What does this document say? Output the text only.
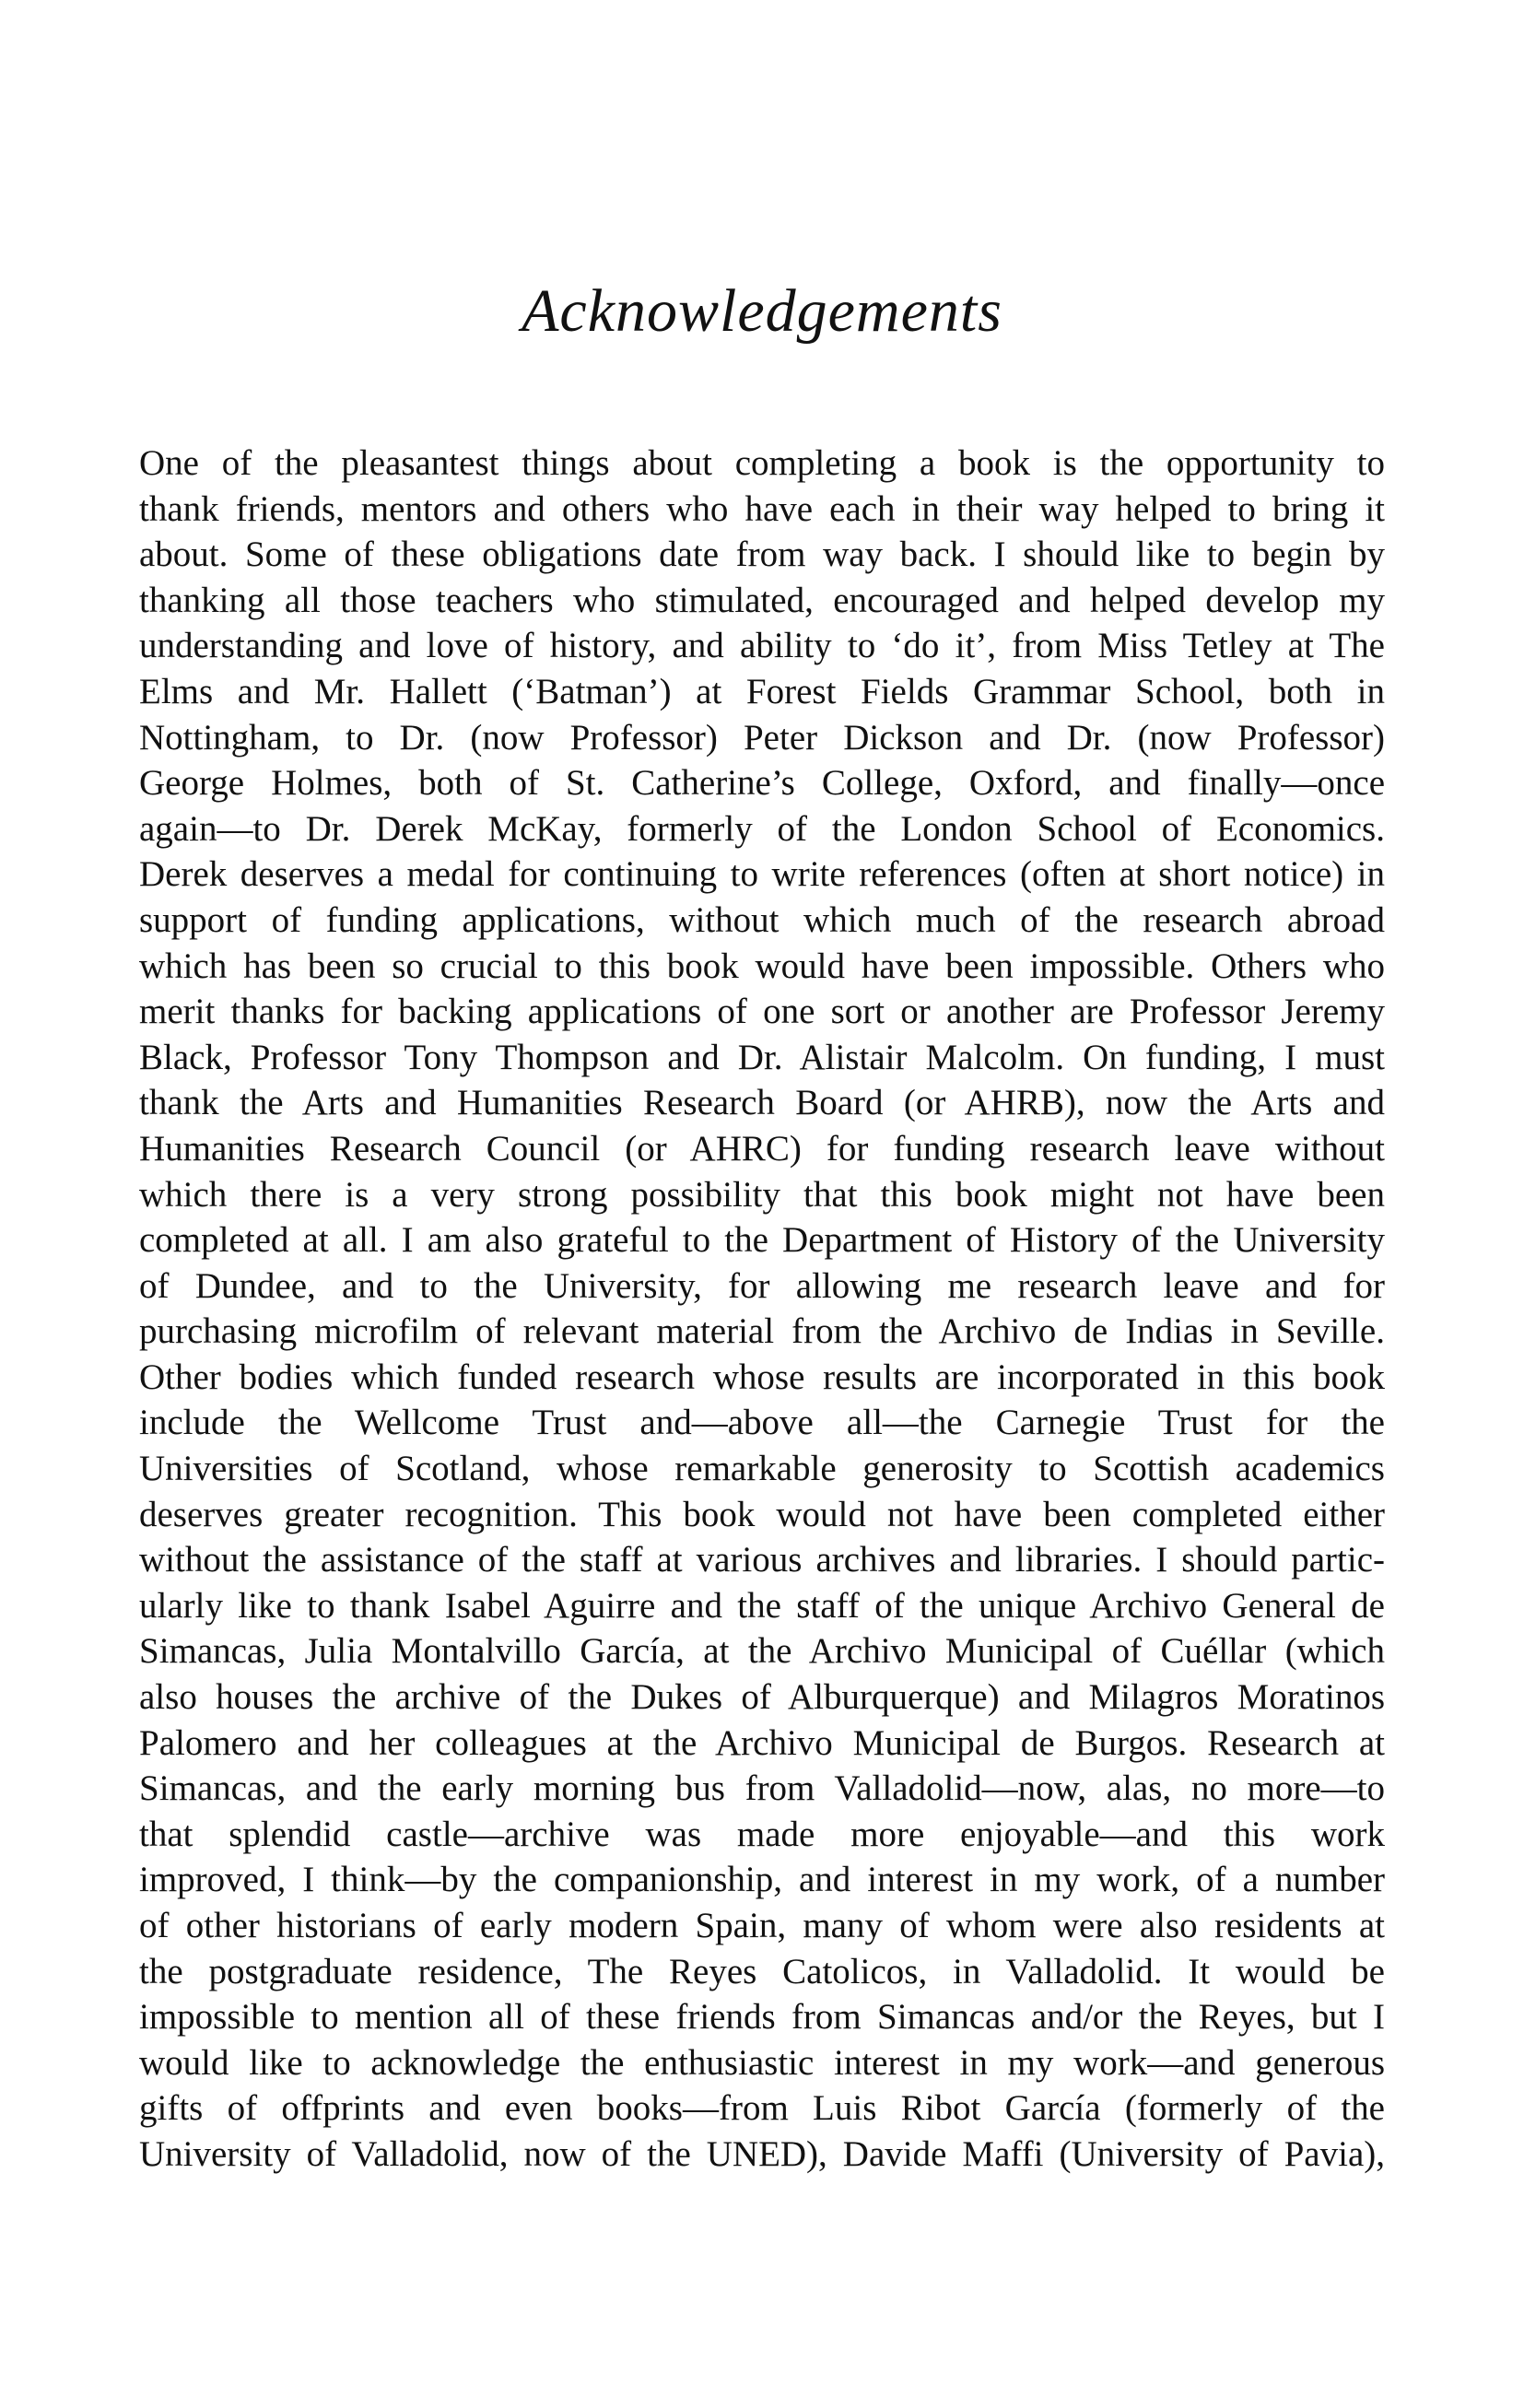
Acknowledgements
One of the pleasantest things about completing a book is the opportunity to
thank friends, mentors and others who have each in their way helped to bring it
about. Some of these obligations date from way back. I should like to begin by
thanking all those teachers who stimulated, encouraged and helped develop my
understanding and love of history, and ability to ‘do it’, from Miss Tetley at The
Elms and Mr. Hallett (‘Batman’) at Forest Fields Grammar School, both in
Nottingham, to Dr. (now Professor) Peter Dickson and Dr. (now Professor)
George Holmes, both of St. Catherine’s College, Oxford, and finally—once
again—to Dr. Derek McKay, formerly of the London School of Economics.
Derek deserves a medal for continuing to write references (often at short notice) in
support of funding applications, without which much of the research abroad
which has been so crucial to this book would have been impossible. Others who
merit thanks for backing applications of one sort or another are Professor Jeremy
Black, Professor Tony Thompson and Dr. Alistair Malcolm. On funding, I must
thank the Arts and Humanities Research Board (or AHRB), now the Arts and
Humanities Research Council (or AHRC) for funding research leave without
which there is a very strong possibility that this book might not have been
completed at all. I am also grateful to the Department of History of the University
of Dundee, and to the University, for allowing me research leave and for
purchasing microfilm of relevant material from the Archivo de Indias in Seville.
Other bodies which funded research whose results are incorporated in this book
include the Wellcome Trust and—above all—the Carnegie Trust for the
Universities of Scotland, whose remarkable generosity to Scottish academics
deserves greater recognition. This book would not have been completed either
without the assistance of the staff at various archives and libraries. I should partic-
ularly like to thank Isabel Aguirre and the staff of the unique Archivo General de
Simancas, Julia Montalvillo García, at the Archivo Municipal of Cuéllar (which
also houses the archive of the Dukes of Alburquerque) and Milagros Moratinos
Palomero and her colleagues at the Archivo Municipal de Burgos. Research at
Simancas, and the early morning bus from Valladolid—now, alas, no more—to
that splendid castle—archive was made more enjoyable—and this work
improved, I think—by the companionship, and interest in my work, of a number
of other historians of early modern Spain, many of whom were also residents at
the postgraduate residence, The Reyes Catolicos, in Valladolid. It would be
impossible to mention all of these friends from Simancas and/or the Reyes, but I
would like to acknowledge the enthusiastic interest in my work—and generous
gifts of offprints and even books—from Luis Ribot García (formerly of the
University of Valladolid, now of the UNED), Davide Maffi (University of Pavia),
